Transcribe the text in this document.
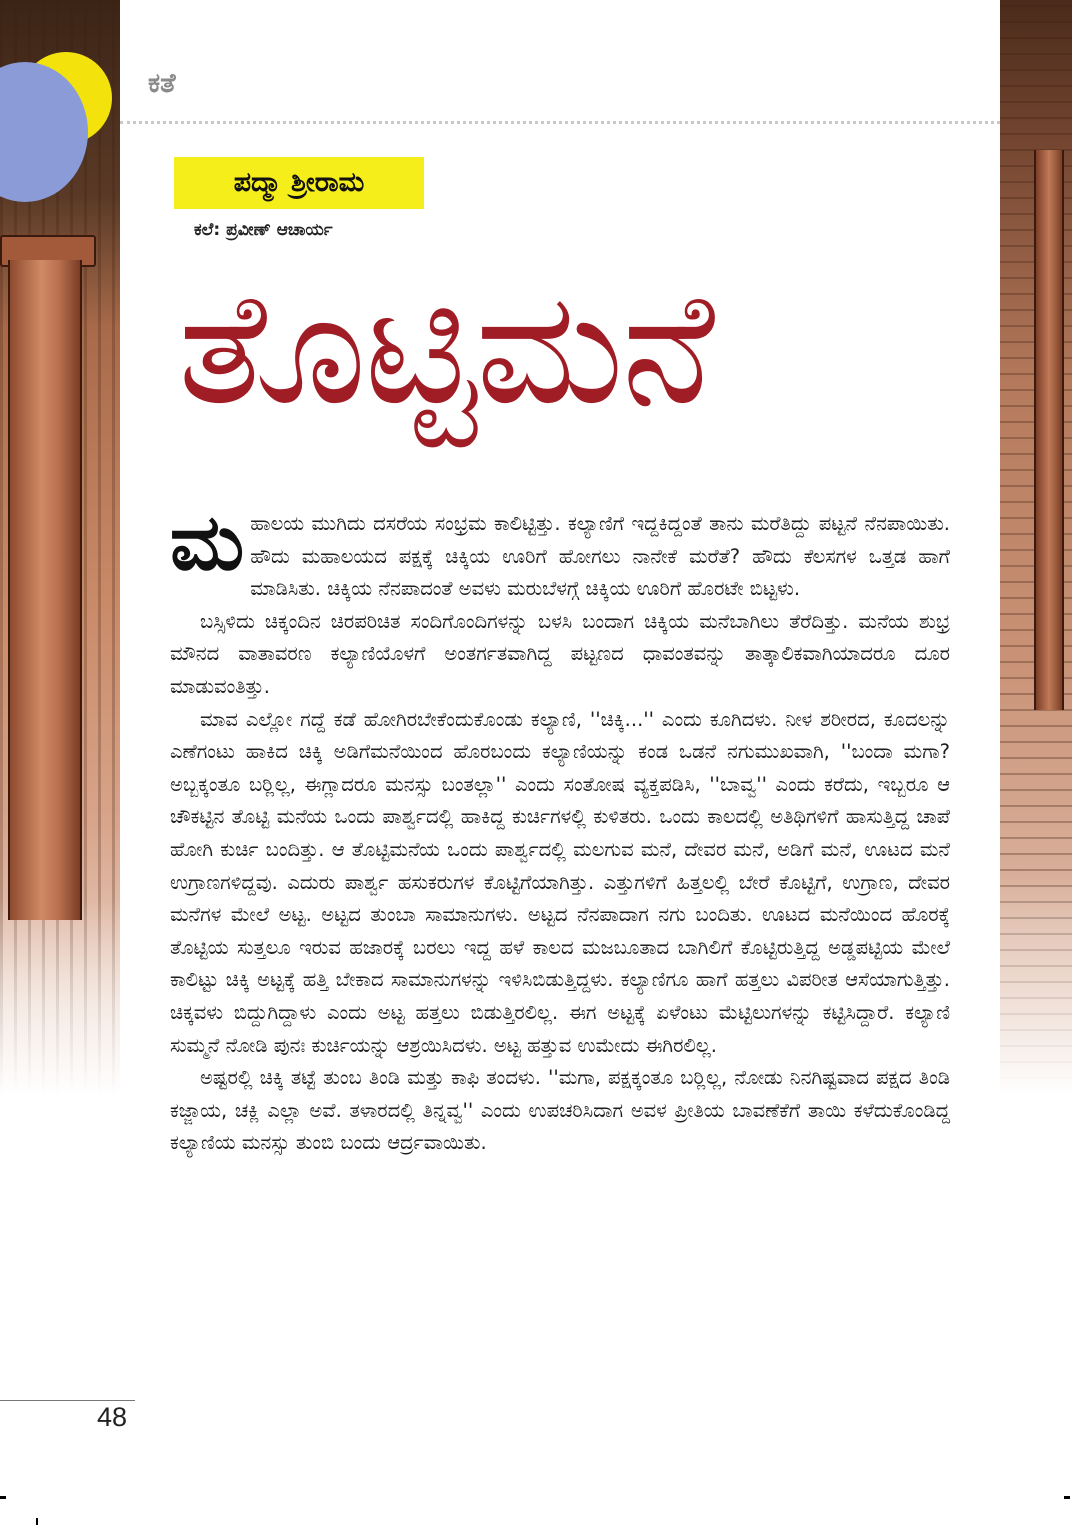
ಕತೆ
ಪದ್ಮಾ ಶ್ರೀರಾಮ
ಕಲೆ: ಪ್ರವೀಣ್ ಆಚಾರ್ಯ
ತೊಟ್ಟಿಮನೆ

ಮಹಾಲಯ ಮುಗಿದು ದಸರೆಯ ಸಂಭ್ರಮ ಕಾಲಿಟ್ಟಿತ್ತು. ಕಲ್ಯಾಣಿಗೆ ಇದ್ದಕಿದ್ದಂತೆ ತಾನು ಮರೆತಿದ್ದು ಪಟ್ಟನೆ ನೆನಪಾಯಿತು. ಹೌದು ಮಹಾಲಯದ ಪಕ್ಷಕ್ಕೆ ಚಿಕ್ಕಿಯ ಊರಿಗೆ ಹೋಗಲು ನಾನೇಕೆ ಮರೆತೆ? ಹೌದು ಕೆಲಸಗಳ ಒತ್ತಡ ಹಾಗೆ ಮಾಡಿಸಿತು. ಚಿಕ್ಕಿಯ ನೆನಪಾದಂತೆ ಅವಳು ಮರುಬೆಳಗ್ಗೆ ಚಿಕ್ಕಿಯ ಊರಿಗೆ ಹೊರಟೇ ಬಿಟ್ಟಳು.

ಬಸ್ಸಿಳಿದು ಚಿಕ್ಕಂದಿನ ಚಿರಪರಿಚಿತ ಸಂದಿಗೊಂದಿಗಳನ್ನು ಬಳಸಿ ಬಂದಾಗ ಚಿಕ್ಕಿಯ ಮನೆಬಾಗಿಲು ತೆರೆದಿತ್ತು. ಮನೆಯ ಶುಭ್ರ ಮೌನದ ವಾತಾವರಣ ಕಲ್ಯಾಣಿಯೊಳಗೆ ಅಂತರ್ಗತವಾಗಿದ್ದ ಪಟ್ಟಣದ ಧಾವಂತವನ್ನು ತಾತ್ಕಾಲಿಕವಾಗಿಯಾದರೂ ದೂರ ಮಾಡುವಂತಿತ್ತು.

ಮಾವ ಎಲ್ಲೋ ಗದ್ದೆ ಕಡೆ ಹೋಗಿರಬೇಕೆಂದುಕೊಂಡು ಕಲ್ಯಾಣಿ, ''ಚಿಕ್ಕಿ...'' ಎಂದು ಕೂಗಿದಳು. ನೀಳ ಶರೀರದ, ಕೂದಲನ್ನು ಎಣೆಗಂಟು ಹಾಕಿದ ಚಿಕ್ಕಿ ಅಡಿಗೆಮನೆಯಿಂದ ಹೊರಬಂದು ಕಲ್ಯಾಣಿಯನ್ನು ಕಂಡ ಒಡನೆ ನಗುಮುಖವಾಗಿ, ''ಬಂದಾ ಮಗಾ? ಅಬ್ಬಕ್ಕಂತೂ ಬರ್‍ಲಿಲ್ಲ, ಈಗ್ಲಾದರೂ ಮನಸ್ಸು ಬಂತಲ್ಲಾ'' ಎಂದು ಸಂತೋಷ ವ್ಯಕ್ತಪಡಿಸಿ, ''ಬಾವ್ವ'' ಎಂದು ಕರೆದು, ಇಬ್ಬರೂ ಆ ಚೌಕಟ್ಟಿನ ತೊಟ್ಟಿ ಮನೆಯ ಒಂದು ಪಾರ್ಶ್ವದಲ್ಲಿ ಹಾಕಿದ್ದ ಕುರ್ಚಿಗಳಲ್ಲಿ ಕುಳಿತರು. ಒಂದು ಕಾಲದಲ್ಲಿ ಅತಿಥಿಗಳಿಗೆ ಹಾಸುತ್ತಿದ್ದ ಚಾಪೆ ಹೋಗಿ ಕುರ್ಚಿ ಬಂದಿತ್ತು. ಆ ತೊಟ್ಟಿಮನೆಯ ಒಂದು ಪಾರ್ಶ್ವದಲ್ಲಿ ಮಲಗುವ ಮನೆ, ದೇವರ ಮನೆ, ಅಡಿಗೆ ಮನೆ, ಊಟದ ಮನೆ ಉಗ್ರಾಣಗಳಿದ್ದವು. ಎದುರು ಪಾರ್ಶ್ವ ಹಸುಕರುಗಳ ಕೊಟ್ಟಿಗೆಯಾಗಿತ್ತು. ಎತ್ತುಗಳಿಗೆ ಹಿತ್ತಲಲ್ಲಿ ಬೇರೆ ಕೊಟ್ಟಿಗೆ, ಉಗ್ರಾಣ, ದೇವರ ಮನೆಗಳ ಮೇಲೆ ಅಟ್ಟ. ಅಟ್ಟದ ತುಂಬಾ ಸಾಮಾನುಗಳು. ಅಟ್ಟದ ನೆನಪಾದಾಗ ನಗು ಬಂದಿತು. ಊಟದ ಮನೆಯಿಂದ ಹೊರಕ್ಕೆ ತೊಟ್ಟಿಯ ಸುತ್ತಲೂ ಇರುವ ಹಜಾರಕ್ಕೆ ಬರಲು ಇದ್ದ ಹಳೆ ಕಾಲದ ಮಜಬೂತಾದ ಬಾಗಿಲಿಗೆ ಕೊಟ್ಟಿರುತ್ತಿದ್ದ ಅಡ್ಡಪಟ್ಟಿಯ ಮೇಲೆ ಕಾಲಿಟ್ಟು ಚಿಕ್ಕಿ ಅಟ್ಟಕ್ಕೆ ಹತ್ತಿ ಬೇಕಾದ ಸಾಮಾನುಗಳನ್ನು ಇಳಿಸಿಬಿಡುತ್ತಿದ್ದಳು. ಕಲ್ಯಾಣಿಗೂ ಹಾಗೆ ಹತ್ತಲು ವಿಪರೀತ ಆಸೆಯಾಗುತ್ತಿತ್ತು. ಚಿಕ್ಕವಳು ಬಿದ್ದುಗಿದ್ದಾಳು ಎಂದು ಅಟ್ಟ ಹತ್ತಲು ಬಿಡುತ್ತಿರಲಿಲ್ಲ. ಈಗ ಅಟ್ಟಕ್ಕೆ ಏಳೆಂಟು ಮೆಟ್ಟಿಲುಗಳನ್ನು ಕಟ್ಟಿಸಿದ್ದಾರೆ. ಕಲ್ಯಾಣಿ ಸುಮ್ಮನೆ ನೋಡಿ ಪುನಃ ಕುರ್ಚಿಯನ್ನು ಆಶ್ರಯಿಸಿದಳು. ಅಟ್ಟ ಹತ್ತುವ ಉಮೇದು ಈಗಿರಲಿಲ್ಲ.

ಅಷ್ಟರಲ್ಲಿ ಚಿಕ್ಕಿ ತಟ್ಟೆ ತುಂಬ ತಿಂಡಿ ಮತ್ತು ಕಾಫಿ ತಂದಳು. ''ಮಗಾ, ಪಕ್ಷಕ್ಕಂತೂ ಬರ್‍ಲಿಲ್ಲ, ನೋಡು ನಿನಗಿಷ್ಟವಾದ ಪಕ್ಷದ ತಿಂಡಿ ಕಜ್ಜಾಯ, ಚಕ್ಲಿ ಎಲ್ಲಾ ಅವೆ. ತಳಾರದಲ್ಲಿ ತಿನ್ನವ್ವ'' ಎಂದು ಉಪಚರಿಸಿದಾಗ ಅವಳ ಪ್ರೀತಿಯ ಬಾವಣೆಕೆಗೆ ತಾಯಿ ಕಳೆದುಕೊಂಡಿದ್ದ ಕಲ್ಯಾಣಿಯ ಮನಸ್ಸು ತುಂಬಿ ಬಂದು ಆರ್ದ್ರವಾಯಿತು.

48
